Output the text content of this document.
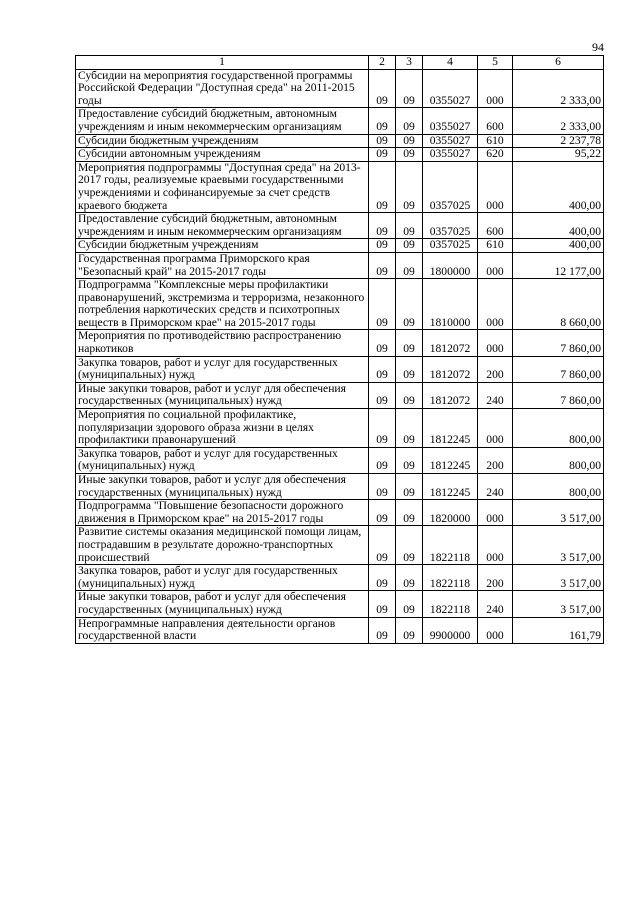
94
1	2	3	4	5	6
Субсидии на мероприятия государственной программы Российской Федерации "Доступная среда" на 2011-2015 годы	09	09	0355027	000	2 333,00
Предоставление субсидий бюджетным, автономным учреждениям и иным некоммерческим организациям	09	09	0355027	600	2 333,00
Субсидии бюджетным учреждениям	09	09	0355027	610	2 237,78
Субсидии автономным учреждениям	09	09	0355027	620	95,22
Мероприятия подпрограммы "Доступная среда" на 2013-2017 годы, реализуемые краевыми государственными учреждениями и софинансируемые за счет средств краевого бюджета	09	09	0357025	000	400,00
Предоставление субсидий бюджетным, автономным учреждениям и иным некоммерческим организациям	09	09	0357025	600	400,00
Субсидии бюджетным учреждениям	09	09	0357025	610	400,00
Государственная программа Приморского края "Безопасный край" на 2015-2017 годы	09	09	1800000	000	12 177,00
Подпрограмма "Комплексные меры профилактики правонарушений, экстремизма и терроризма, незаконного потребления наркотических средств и психотропных веществ в Приморском крае" на 2015-2017 годы	09	09	1810000	000	8 660,00
Мероприятия по противодействию распространению наркотиков	09	09	1812072	000	7 860,00
Закупка товаров, работ и услуг для государственных (муниципальных) нужд	09	09	1812072	200	7 860,00
Иные закупки товаров, работ и услуг для обеспечения государственных (муниципальных) нужд	09	09	1812072	240	7 860,00
Мероприятия по социальной профилактике, популяризации здорового образа жизни в целях профилактики правонарушений	09	09	1812245	000	800,00
Закупка товаров, работ и услуг для государственных (муниципальных) нужд	09	09	1812245	200	800,00
Иные закупки товаров, работ и услуг для обеспечения государственных (муниципальных) нужд	09	09	1812245	240	800,00
Подпрограмма "Повышение безопасности дорожного движения в Приморском крае" на 2015-2017 годы	09	09	1820000	000	3 517,00
Развитие системы оказания медицинской помощи лицам, пострадавшим в результате дорожно-транспортных происшествий	09	09	1822118	000	3 517,00
Закупка товаров, работ и услуг для государственных (муниципальных) нужд	09	09	1822118	200	3 517,00
Иные закупки товаров, работ и услуг для обеспечения государственных (муниципальных) нужд	09	09	1822118	240	3 517,00
Непрограммные направления деятельности органов государственной власти	09	09	9900000	000	161,79
